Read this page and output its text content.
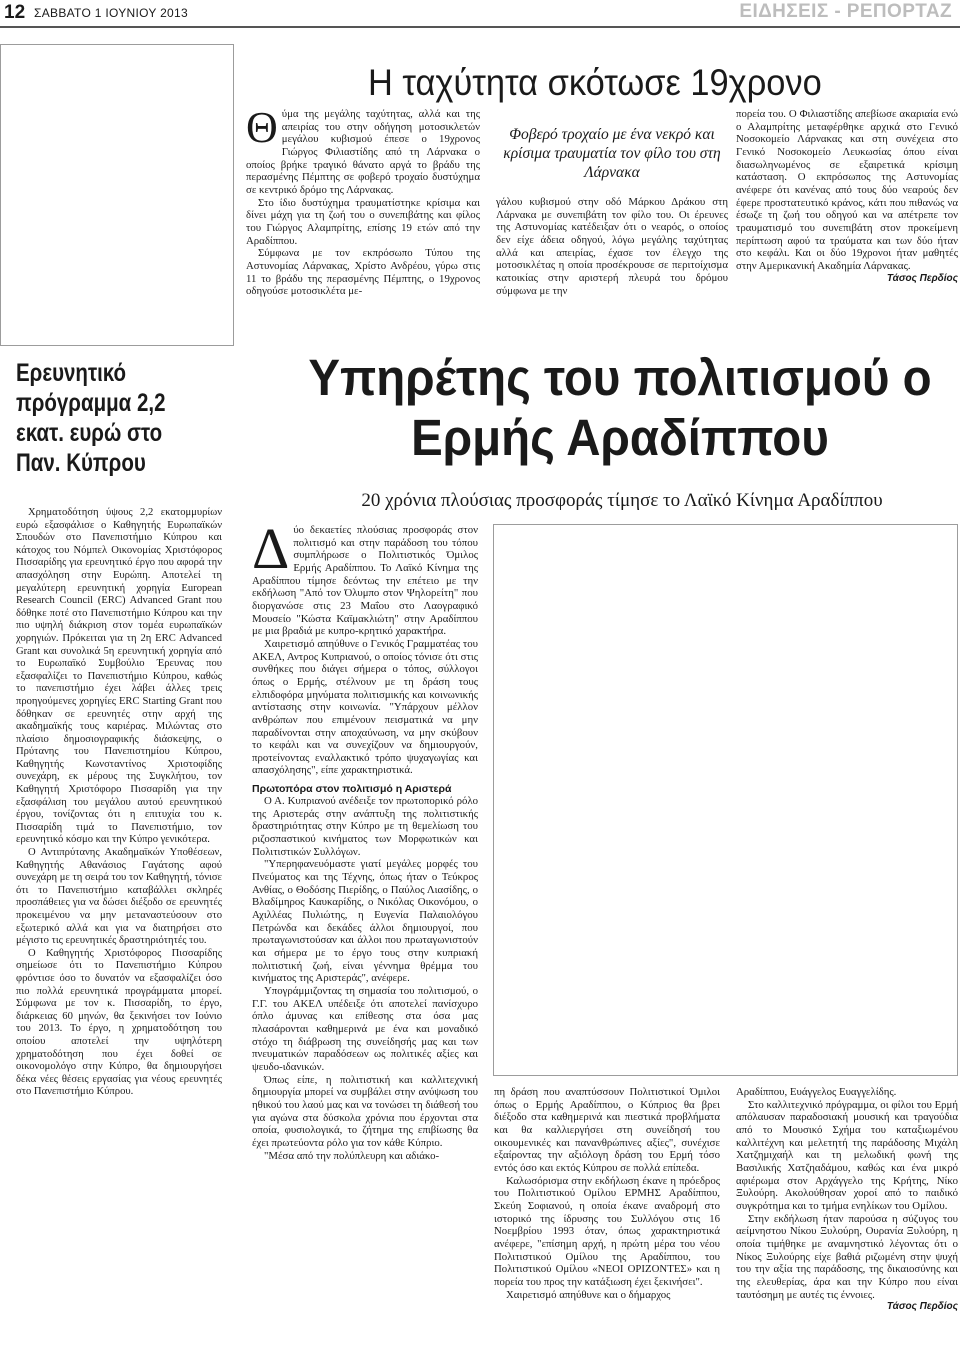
12 ΣΑΒΒΑΤΟ 1 ΙΟΥΝΙΟΥ 2013	ΕΙΔΗΣΕΙΣ - ΡΕΠΟΡΤΑΖ
Η ταχύτητα σκότωσε 19χρονο

Θύμα της μεγάλης ταχύτητας, αλλά και της απειρίας του στην οδήγηση μοτοσικλετών μεγάλου κυβισμού έπεσε ο 19χρονος Γιώργος Φιλιαστίδης από τη Λάρνακα ο οποίος βρήκε τραγικό θάνατο αργά το βράδυ της περασμένης Πέμπτης σε φοβερό τροχαίο δυστύχημα σε κεντρικό δρόμο της Λάρνακας.

Στο ίδιο δυστύχημα τραυματίστηκε κρίσιμα και δίνει μάχη για τη ζωή του ο συνεπιβάτης και φίλος του Γιώργος Αλαμπρίτης, επίσης 19 ετών από την Αραδίππου.

Σύμφωνα με τον εκπρόσωπο Τύπου της Αστυνομίας Λάρνακας, Χρίστο Ανδρέου, γύρω στις 11 το βράδυ της περασμένης Πέμπτης, ο 19χρονος οδηγούσε μοτοσικλέτα με-

Φοβερό τροχαίο με ένα νεκρό και κρίσιμα τραυματία τον φίλο του στη Λάρνακα

γάλου κυβισμού στην οδό Μάρκου Δράκου στη Λάρνακα με συνεπιβάτη τον φίλο του. Οι έρευνες της Αστυνομίας κατέδειξαν ότι ο νεαρός, ο οποίος δεν είχε άδεια οδηγού, λόγω μεγάλης ταχύτητας αλλά και απειρίας, έχασε τον έλεγχο της μοτοσικλέτας η οποία προσέκρουσε σε περιτοίχισμα κατοικίας στην αριστερή πλευρά του δρόμου σύμφωνα με την

πορεία του. Ο Φιλιαστίδης απεβίωσε ακαριαία ενώ ο Αλαμπρίτης μεταφέρθηκε αρχικά στο Γενικό Νοσοκομείο Λάρνακας και στη συνέχεια στο Γενικό Νοσοκομείο Λευκωσίας όπου είναι διασωληνωμένος σε εξαιρετικά κρίσιμη κατάσταση. Ο εκπρόσωπος της Αστυνομίας ανέφερε ότι κανένας από τους δύο νεαρούς δεν έφερε προστατευτικό κράνος, κάτι που πιθανώς να έσωζε τη ζωή του οδηγού και να απέτρεπε τον τραυματισμό του συνεπιβάτη στον προκείμενη περίπτωση αφού τα τραύματα και των δύο ήταν στο κεφάλι. Και οι δύο 19χρονοι ήταν μαθητές στην Αμερικανική Ακαδημία Λάρνακας.

Τάσος Περδίος

Ερευνητικό πρόγραμμα 2,2 εκατ. ευρώ στο Παν. Κύπρου

Χρηματοδότηση ύψους 2,2 εκατομμυρίων ευρώ εξασφάλισε ο Καθηγητής Ευρωπαϊκών Σπουδών στο Πανεπιστήμιο Κύπρου και κάτοχος του Νόμπελ Οικονομίας Χριστόφορος Πισσαρίδης για ερευνητικό έργο που αφορά την απασχόληση στην Ευρώπη. Αποτελεί τη μεγαλύτερη ερευνητική χορηγία European Research Council (ERC) Advanced Grant που δόθηκε ποτέ στο Πανεπιστήμιο Κύπρου και την πιο υψηλή διάκριση στον τομέα ευρωπαϊκών χορηγιών. Πρόκειται για τη 2η ERC Advanced Grant και συνολικά 5η ερευνητική χορηγία από το Ευρωπαϊκό Συμβούλιο Έρευνας που εξασφαλίζει το Πανεπιστήμιο Κύπρου, καθώς το πανεπιστήμιο έχει λάβει άλλες τρεις προηγούμενες χορηγίες ERC Starting Grant που δόθηκαν σε ερευνητές στην αρχή της ακαδημαϊκής τους καριέρας. Μιλώντας στο πλαίσιο δημοσιογραφικής διάσκεψης, ο Πρύτανης του Πανεπιστημίου Κύπρου, Καθηγητής Κωνσταντίνος Χριστοφίδης συνεχάρη, εκ μέρους της Συγκλήτου, τον Καθηγητή Χριστόφορο Πισσαρίδη για την εξασφάλιση του μεγάλου αυτού ερευνητικού έργου, τονίζοντας ότι η επιτυχία του κ. Πισσαρίδη τιμά το Πανεπιστήμιο, τον ερευνητικό κόσμο και την Κύπρο γενικότερα.

Ο Αντιπρύτανης Ακαδημαϊκών Υποθέσεων, Καθηγητής Αθανάσιος Γαγάτσης αφού συνεχάρη με τη σειρά του τον Καθηγητή, τόνισε ότι το Πανεπιστήμιο καταβάλλει σκληρές προσπάθειες για να δώσει διέξοδο σε ερευνητές προκειμένου να μην μεταναστεύσουν στο εξωτερικό αλλά και για να διατηρήσει στο μέγιστο τις ερευνητικές δραστηριότητές του.

Ο Καθηγητής Χριστόφορος Πισσαρίδης σημείωσε ότι το Πανεπιστήμιο Κύπρου φρόντισε όσο το δυνατόν να εξασφαλίζει όσο πιο πολλά ερευνητικά προγράμματα μπορεί. Σύμφωνα με τον κ. Πισσαρίδη, το έργο, διάρκειας 60 μηνών, θα ξεκινήσει τον Ιούνιο του 2013. Το έργο, η χρηματοδότηση του οποίου αποτελεί την υψηλότερη χρηματοδότηση που έχει δοθεί σε οικονομολόγο στην Κύπρο, θα δημιουργήσει δέκα νέες θέσεις εργασίας για νέους ερευνητές στο Πανεπιστήμιο Κύπρου.

Υπηρέτης του πολιτισμού ο Ερμής Αραδίππου
20 χρόνια πλούσιας προσφοράς τίμησε το Λαϊκό Κίνημα Αραδίππου

Δύο δεκαετίες πλούσιας προσφοράς στον πολιτισμό και στην παράδοση του τόπου συμπλήρωσε ο Πολιτιστικός Όμιλος Ερμής Αραδίππου. Το Λαϊκό Κίνημα της Αραδίππου τίμησε δεόντως την επέτειο με την εκδήλωση "Από τον Όλυμπο στον Ψηλορείτη" που διοργανώσε στις 23 Μαΐου στο Λαογραφικό Μουσείο "Κώστα Καϊμακλιώτη" στην Αραδίππου με μια βραδιά με κυπρο-κρητικό χαρακτήρα.

Χαιρετισμό απηύθυνε ο Γενικός Γραμματέας του ΑΚΕΛ, Αντρος Κυπριανού, ο οποίος τόνισε ότι στις συνθήκες που διάγει σήμερα ο τόπος, σύλλογοι όπως ο Ερμής, στέλνουν με τη δράση τους ελπιδοφόρα μηνύματα πολιτισμικής και κοινωνικής αντίστασης στην κοινωνία. "Υπάρχουν μέλλον ανθρώπων που επιμένουν πεισματικά να μην παραδίνονται στην αποχαύνωση, να μην σκύβουν το κεφάλι και να συνεχίζουν να δημιουργούν, προτείνοντας εναλλακτικό τρόπο ψυχαγωγίας και απασχόλησης", είπε χαρακτηριστικά.

Πρωτοπόρα στον πολιτισμό η Αριστερά

Ο Α. Κυπριανού ανέδειξε τον πρωτοπορικό ρόλο της Αριστεράς στην ανάπτυξη της πολιτιστικής δραστηριότητας στην Κύπρο με τη θεμελίωση του ριζοσπαστικού κινήματος των Μορφωτικών και Πολιτιστικών Συλλόγων.

"Υπερηφανευόμαστε γιατί μεγάλες μορφές του Πνεύματος και της Τέχνης, όπως ήταν ο Τεύκρος Ανθίας, ο Θοδόσης Πιερίδης, ο Παύλος Λιασίδης, ο Βλαδίμηρος Καυκαρίδης, ο Νικόλας Οικονόμου, ο Αχιλλέας Πυλιώτης, η Ευγενία Παλαιολόγου Πετρώνδα και δεκάδες άλλοι δημιουργοί, που πρωταγωνιστούσαν και άλλοι που πρωταγωνιστούν και σήμερα με το έργο τους στην κυπριακή πολιτιστική ζωή, είναι γέννημα θρέμμα του κινήματος της Αριστεράς", ανέφερε.

Υπογράμμιζοντας τη σημασία του πολιτισμού, ο Γ.Γ. του ΑΚΕΛ υπέδειξε ότι αποτελεί πανίσχυρο όπλο άμυνας και επίθεσης στα όσα μας πλασάρονται καθημερινά με ένα και μοναδικό στόχο τη διάβρωση της συνείδησής μας και των πνευματικών παραδόσεων ως πολιτικές αξίες και ψευδο-ιδανικών.

Όπως είπε, η πολιτιστική και καλλιτεχνική δημιουργία μπορεί να συμβάλει στην ανύψωση του ηθικού του λαού μας και να τονώσει τη διάθεσή του για αγώνα στα δύσκολα χρόνια που έρχονται στα οποία, φυσιολογικά, το ζήτημα της επιβίωσης θα έχει πρωτεύοντα ρόλο για τον κάθε Κύπριο.

"Μέσα από την πολύπλευρη και αδιάκο-

πη δράση που αναπτύσσουν Πολιτιστικοί Όμιλοι όπως ο Ερμής Αραδίππου, ο Κύπριος θα βρει διέξοδο στα καθημερινά και πιεστικά προβλήματα και θα καλλιεργήσει στη συνείδησή του οικουμενικές και πανανθρώπινες αξίες", συνέχισε εξαίροντας την αξιόλογη δράση του Ερμή τόσο εντός όσο και εκτός Κύπρου σε πολλά επίπεδα.

Καλωσόρισμα στην εκδήλωση έκανε η πρόεδρος του Πολιτιστικού Ομίλου ΕΡΜΗΣ Αραδίππου, Σκεύη Σοφιανού, η οποία έκανε αναδρομή στο ιστορικό της ίδρυσης του Συλλόγου στις 16 Νοεμβρίου 1993 όταν, όπως χαρακτηριστικά ανέφερε, "επίσημη αρχή, η πρώτη μέρα του νέου Πολιτιστικού Ομίλου της Αραδίππου, του Πολιτιστικού Ομίλου «ΝΕΟΙ ΟΡΙΖΟΝΤΕΣ» και η πορεία του προς την κατάξιωση έχει ξεκινήσει".

Χαιρετισμό απηύθυνε και ο δήμαρχος

Αραδίππου, Ευάγγελος Ευαγγελίδης.

Στο καλλιτεχνικό πρόγραμμα, οι φίλοι του Ερμή απόλαυσαν παραδοσιακή μουσική και τραγούδια από το Μουσικό Σχήμα του καταξιωμένου καλλιτέχνη και μελετητή της παράδοσης Μιχάλη Χατζημιχαήλ και τη μελωδική φωνή της Βασιλικής Χατζηαδάμου, καθώς και ένα μικρό αφιέρωμα στον Αρχάγγελο της Κρήτης, Νίκο Ξυλούρη. Ακολούθησαν χοροί από το παιδικό συγκρότημα και το τμήμα ενηλίκων του Ομίλου.

Στην εκδήλωση ήταν παρούσα η σύζυγος του αείμνηστου Νίκου Ξυλούρη, Ουρανία Ξυλούρη, η οποία τιμήθηκε με αναμνηστικό λέγοντας ότι ο Νίκος Ξυλούρης είχε βαθιά ριζωμένη στην ψυχή του την αξία της παράδοσης, της δικαιοσύνης και της ελευθερίας, άρα και την Κύπρο που είναι ταυτόσημη με αυτές τις έννοιες.

Τάσος Περδίος
